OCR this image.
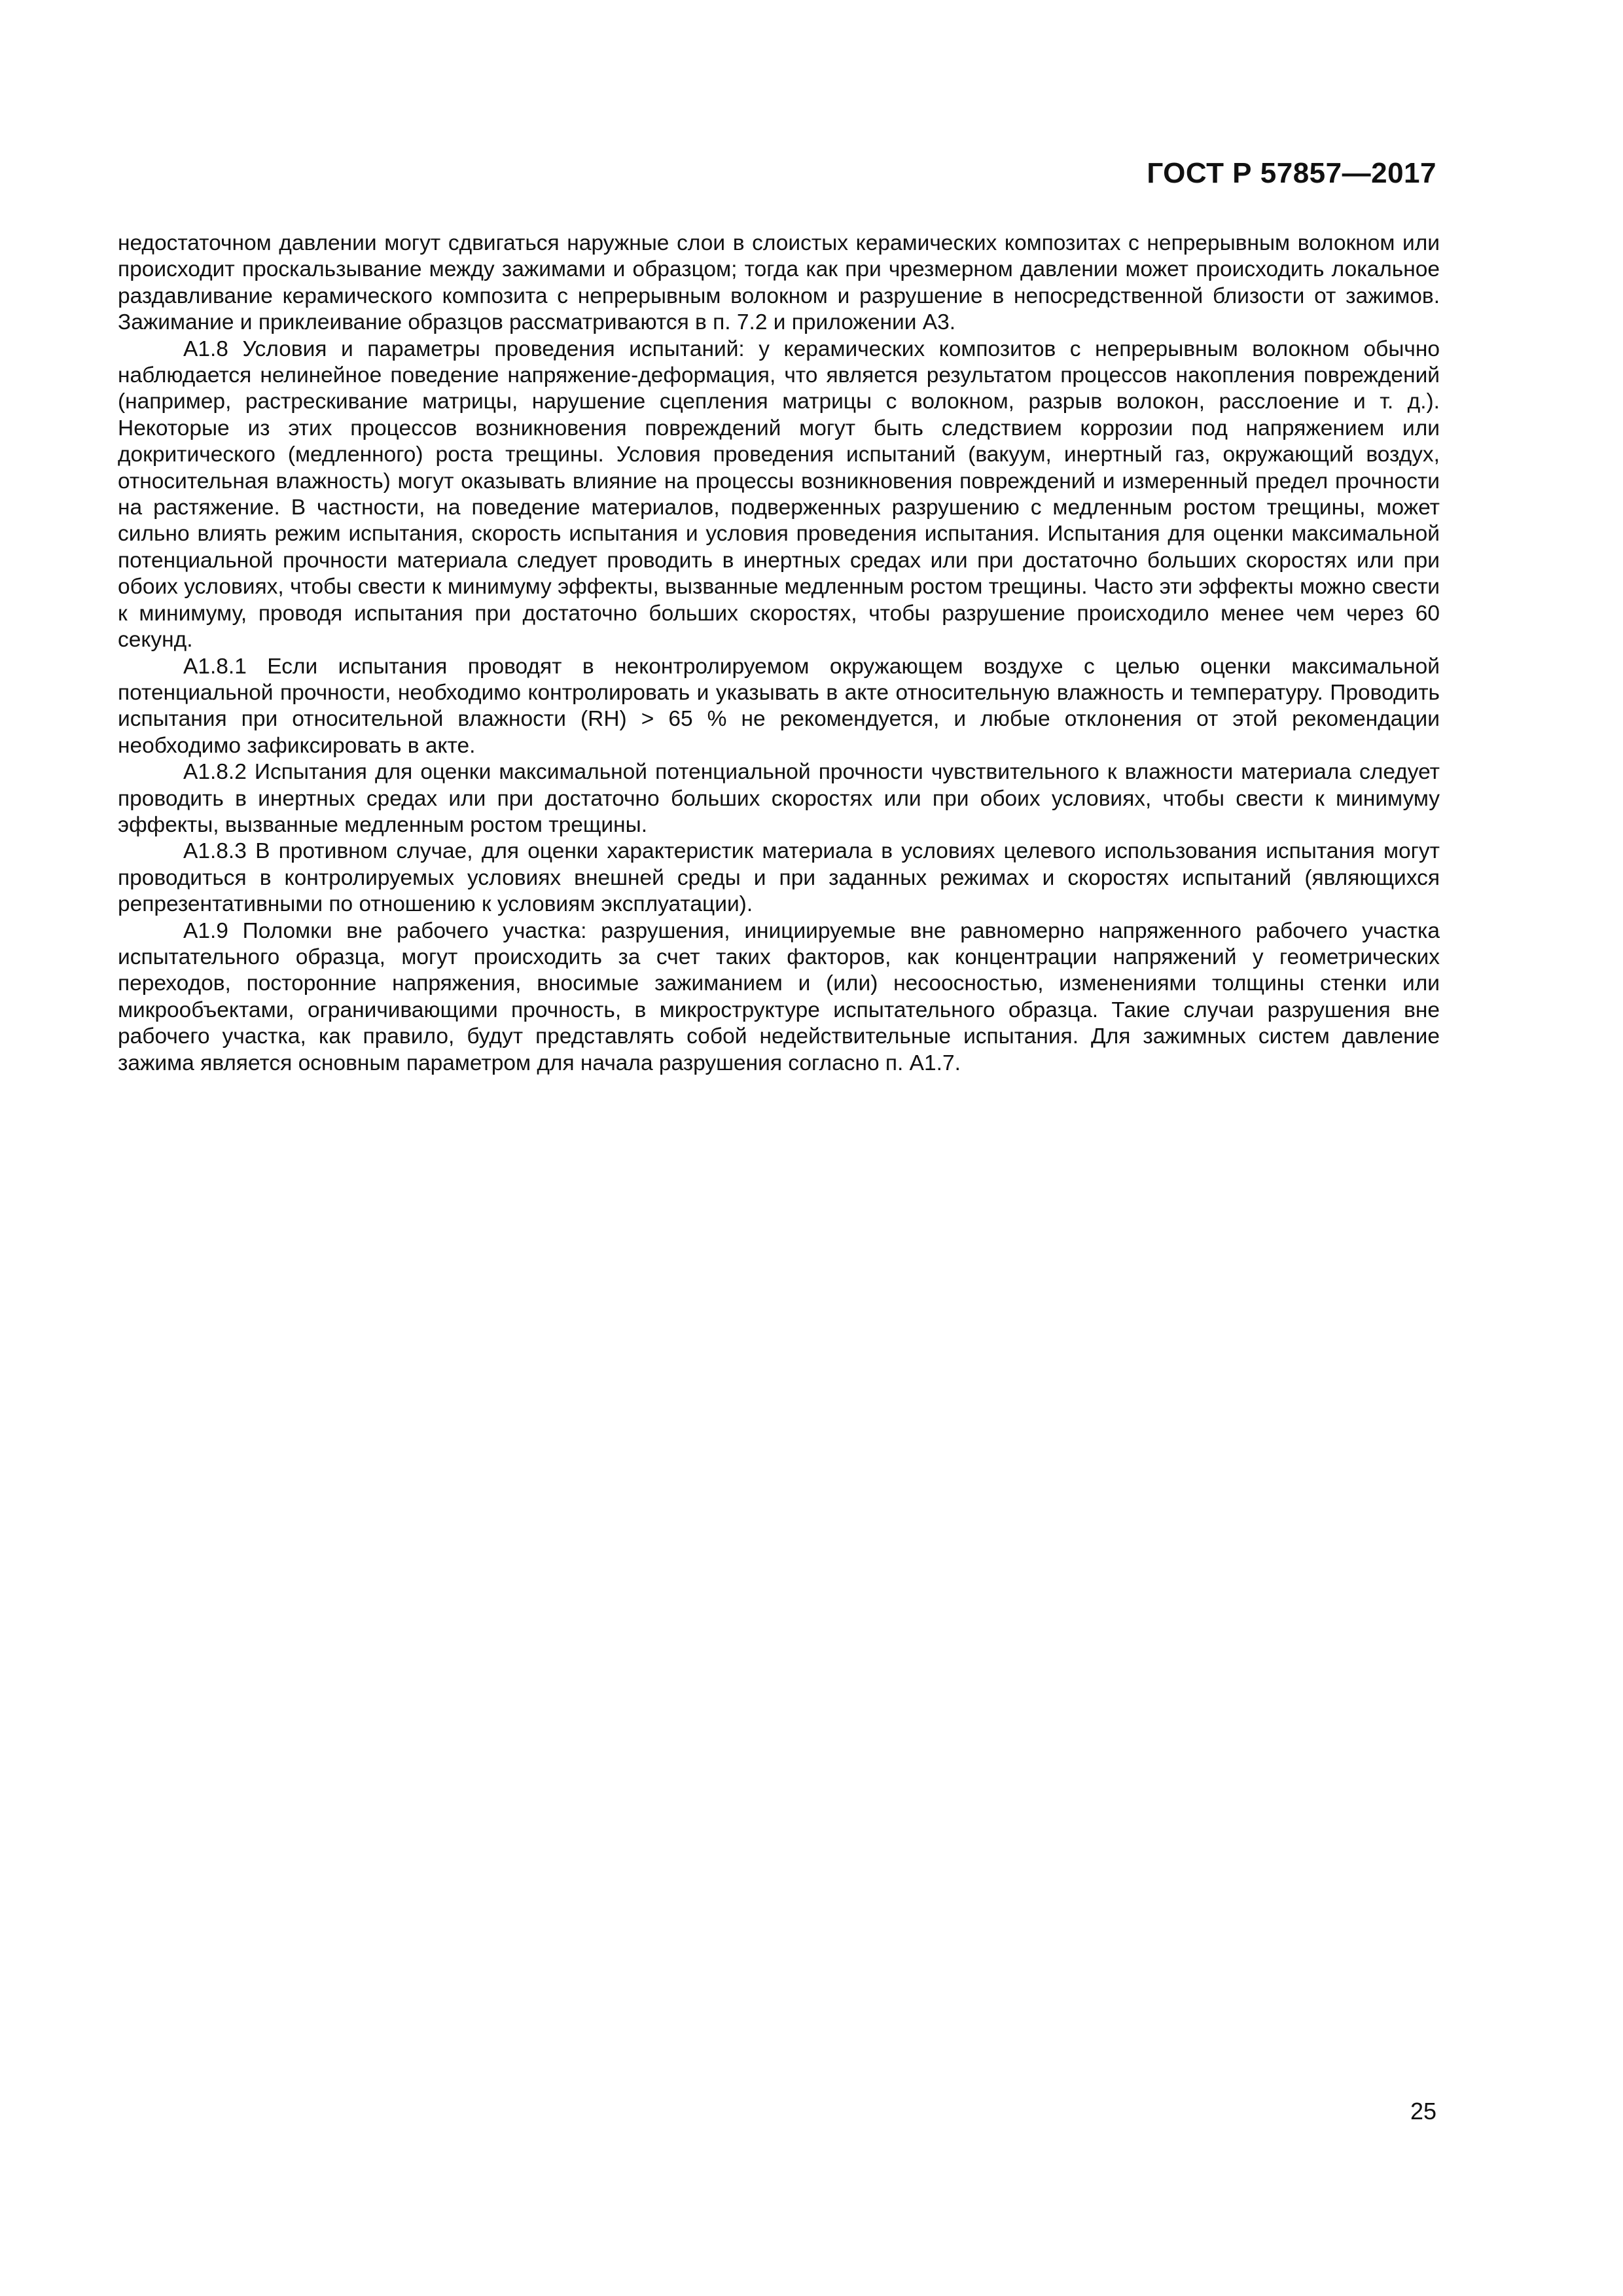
ГОСТ Р 57857—2017

недостаточном давлении могут сдвигаться наружные слои в слоистых керамических композитах с непрерывным волокном или происходит проскальзывание между зажимами и образцом; тогда как при чрезмерном давлении может происходить локальное раздавливание керамического композита с непрерывным волокном и разрушение в непосредственной близости от зажимов. Зажимание и приклеивание образцов рассматриваются в п. 7.2 и приложении А3.

А1.8 Условия и параметры проведения испытаний: у керамических композитов с непрерывным волокном обычно наблюдается нелинейное поведение напряжение-деформация, что является результатом процессов накопления повреждений (например, растрескивание матрицы, нарушение сцепления матрицы с волокном, разрыв волокон, расслоение и т. д.). Некоторые из этих процессов возникновения повреждений могут быть следствием коррозии под напряжением или докритического (медленного) роста трещины. Условия проведения испытаний (вакуум, инертный газ, окружающий воздух, относительная влажность) могут оказывать влияние на процессы возникновения повреждений и измеренный предел прочности на растяжение. В частности, на поведение материалов, подверженных разрушению с медленным ростом трещины, может сильно влиять режим испытания, скорость испытания и условия проведения испытания. Испытания для оценки максимальной потенциальной прочности материала следует проводить в инертных средах или при достаточно больших скоростях или при обоих условиях, чтобы свести к минимуму эффекты, вызванные медленным ростом трещины. Часто эти эффекты можно свести к минимуму, проводя испытания при достаточно больших скоростях, чтобы разрушение происходило менее чем через 60 секунд.

А1.8.1 Если испытания проводят в неконтролируемом окружающем воздухе с целью оценки максимальной потенциальной прочности, необходимо контролировать и указывать в акте относительную влажность и температуру. Проводить испытания при относительной влажности (RH) > 65 % не рекомендуется, и любые отклонения от этой рекомендации необходимо зафиксировать в акте.

А1.8.2 Испытания для оценки максимальной потенциальной прочности чувствительного к влажности материала следует проводить в инертных средах или при достаточно больших скоростях или при обоих условиях, чтобы свести к минимуму эффекты, вызванные медленным ростом трещины.

А1.8.3 В противном случае, для оценки характеристик материала в условиях целевого использования испытания могут проводиться в контролируемых условиях внешней среды и при заданных режимах и скоростях испытаний (являющихся репрезентативными по отношению к условиям эксплуатации).

А1.9 Поломки вне рабочего участка: разрушения, инициируемые вне равномерно напряженного рабочего участка испытательного образца, могут происходить за счет таких факторов, как концентрации напряжений у геометрических переходов, посторонние напряжения, вносимые зажиманием и (или) несоосностью, изменениями толщины стенки или микрообъектами, ограничивающими прочность, в микроструктуре испытательного образца. Такие случаи разрушения вне рабочего участка, как правило, будут представлять собой недействительные испытания. Для зажимных систем давление зажима является основным параметром для начала разрушения согласно п. А1.7.

25
